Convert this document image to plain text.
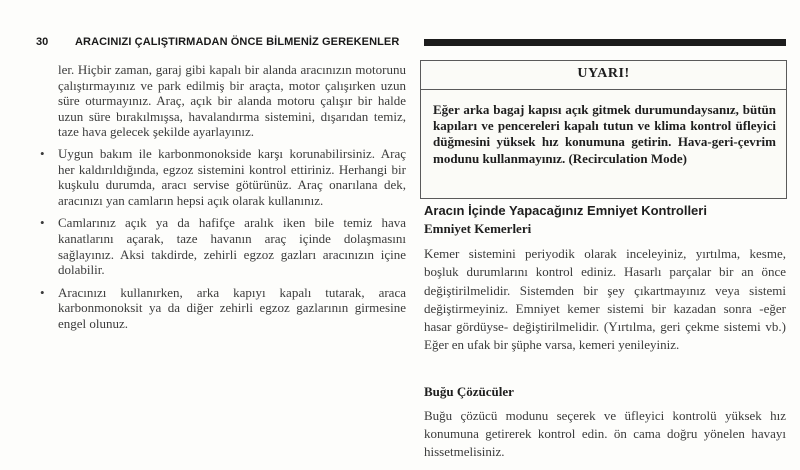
30 ARACINIZI ÇALIŞTIRMADAN ÖNCE BİLMENİZ GEREKENLER

ler. Hiçbir zaman, garaj gibi kapalı bir alanda aracınızın motorunu çalıştırmayınız ve park edilmiş bir araçta, motor çalışırken uzun süre oturmayınız. Araç, açık bir alanda motoru çalışır bir halde uzun süre bırakılmışsa, havalandırma sistemini, dışarıdan temiz, taze hava gelecek şekilde ayarlayınız.

• Uygun bakım ile karbonmonokside karşı korunabilirsiniz. Araç her kaldırıldığında, egzoz sistemini kontrol ettiriniz. Herhangi bir kuşkulu durumda, aracı servise götürünüz. Araç onarılana dek, aracınızı yan camların hepsi açık olarak kullanınız.
• Camlarınız açık ya da hafifçe aralık iken bile temiz hava kanatlarını açarak, taze havanın araç içinde dolaşmasını sağlayınız. Aksi takdirde, zehirli egzoz gazları aracınızın içine dolabilir.
• Aracınızı kullanırken, arka kapıyı kapalı tutarak, araca karbonmonoksit ya da diğer zehirli egzoz gazlarının girmesine engel olunuz.
UYARI!
Eğer arka bagaj kapısı açık gitmek durumundaysanız, bütün kapıları ve pencereleri kapalı tutun ve klima kontrol üfleyici düğmesini yüksek hız konumuna getirin. Hava-geri-çevrim modunu kullanmayınız. (Recirculation Mode)
Aracın İçinde Yapacağınız Emniyet Kontrolleri
Emniyet Kemerleri

Kemer sistemini periyodik olarak inceleyiniz, yırtılma, kesme, boşluk durumlarını kontrol ediniz. Hasarlı parçalar bir an önce değiştirilmelidir. Sistemden bir şey çıkartmayınız veya sistemi değiştirmeyiniz. Emniyet kemer sistemi bir kazadan sonra -eğer hasar gördüyse- değiştirilmelidir. (Yırtılma, geri çekme sistemi vb.) Eğer en ufak bir şüphe varsa, kemeri yenileyiniz.

Buğu Çözücüler

Buğu çözücü modunu seçerek ve üfleyici kontrolü yüksek hız konumuna getirerek kontrol edin. ön cama doğru yönelen havayı hissetmelisiniz.
